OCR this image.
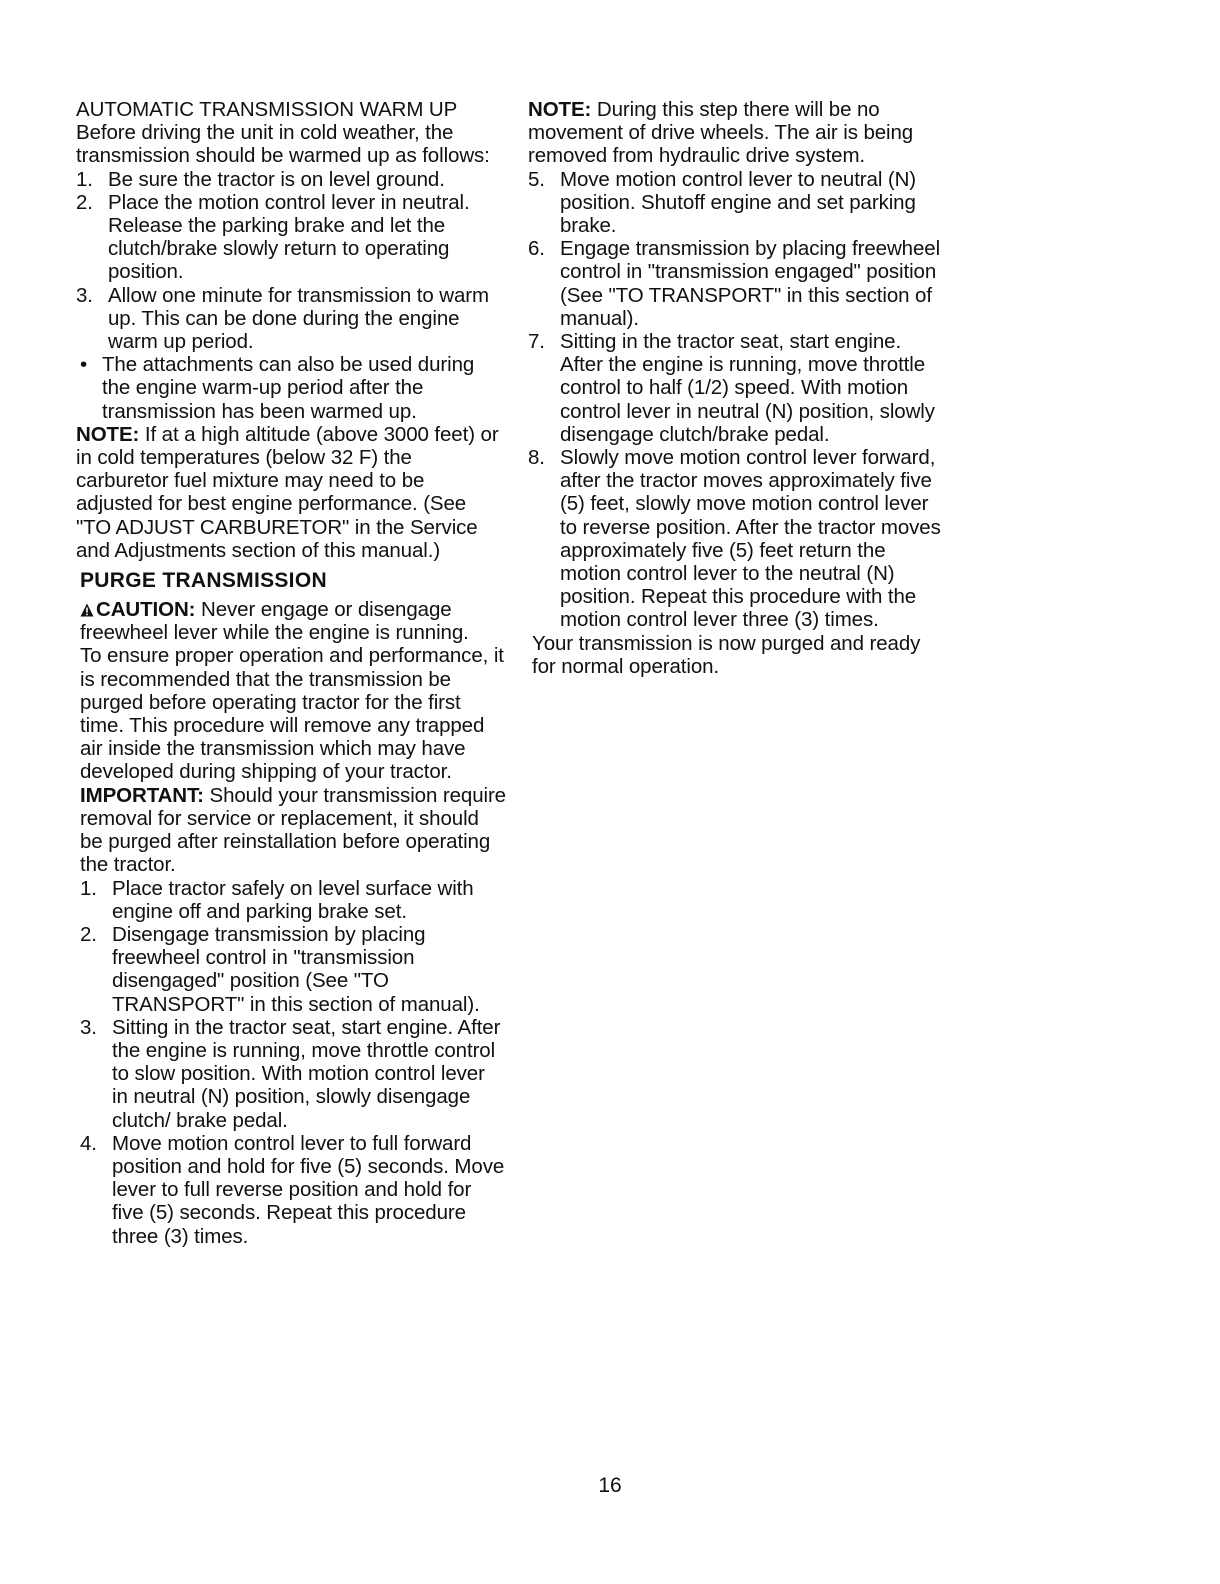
AUTOMATIC TRANSMISSION WARM UP

Before driving the unit in cold weather, the transmission should be warmed up as follows:

1. Be sure the tractor is on level ground.
2. Place the motion control lever in neutral. Release the parking brake and let the clutch/brake slowly return to operating position.
3. Allow one minute for transmission to warm up. This can be done during the engine warm up period.
• The attachments can also be used during the engine warm-up period after the transmission has been warmed up.

NOTE: If at a high altitude (above 3000 feet) or in cold temperatures (below 32 F) the carburetor fuel mixture may need to be adjusted for best engine performance. (See "TO ADJUST CARBURETOR" in the Service and Adjustments section of this manual.)

PURGE TRANSMISSION

CAUTION: Never engage or disengage freewheel lever while the engine is running.

To ensure proper operation and performance, it is recommended that the transmission be purged before operating tractor for the first time. This procedure will remove any trapped air inside the transmission which may have developed during shipping of your tractor.

IMPORTANT: Should your transmission require removal for service or replacement, it should be purged after reinstallation before operating the tractor.

1. Place tractor safely on level surface with engine off and parking brake set.
2. Disengage transmission by placing freewheel control in "transmission disengaged" position (See "TO TRANSPORT" in this section of manual).
3. Sitting in the tractor seat, start engine. After the engine is running, move throttle control to slow position. With motion control lever in neutral (N) position, slowly disengage clutch/ brake pedal.
4. Move motion control lever to full forward position and hold for five (5) seconds. Move lever to full reverse position and hold for five (5) seconds. Repeat this procedure three (3) times.

NOTE: During this step there will be no movement of drive wheels. The air is being removed from hydraulic drive system.

5. Move motion control lever to neutral (N) position. Shutoff engine and set parking brake.
6. Engage transmission by placing freewheel control in "transmission engaged" position (See "TO TRANSPORT" in this section of manual).
7. Sitting in the tractor seat, start engine. After the engine is running, move throttle control to half (1/2) speed. With motion control lever in neutral (N) position, slowly disengage clutch/brake pedal.
8. Slowly move motion control lever forward, after the tractor moves approximately five (5) feet, slowly move motion control lever to reverse position. After the tractor moves approximately five (5) feet return the motion control lever to the neutral (N) position. Repeat this procedure with the motion control lever three (3) times.

Your transmission is now purged and ready for normal operation.

16
